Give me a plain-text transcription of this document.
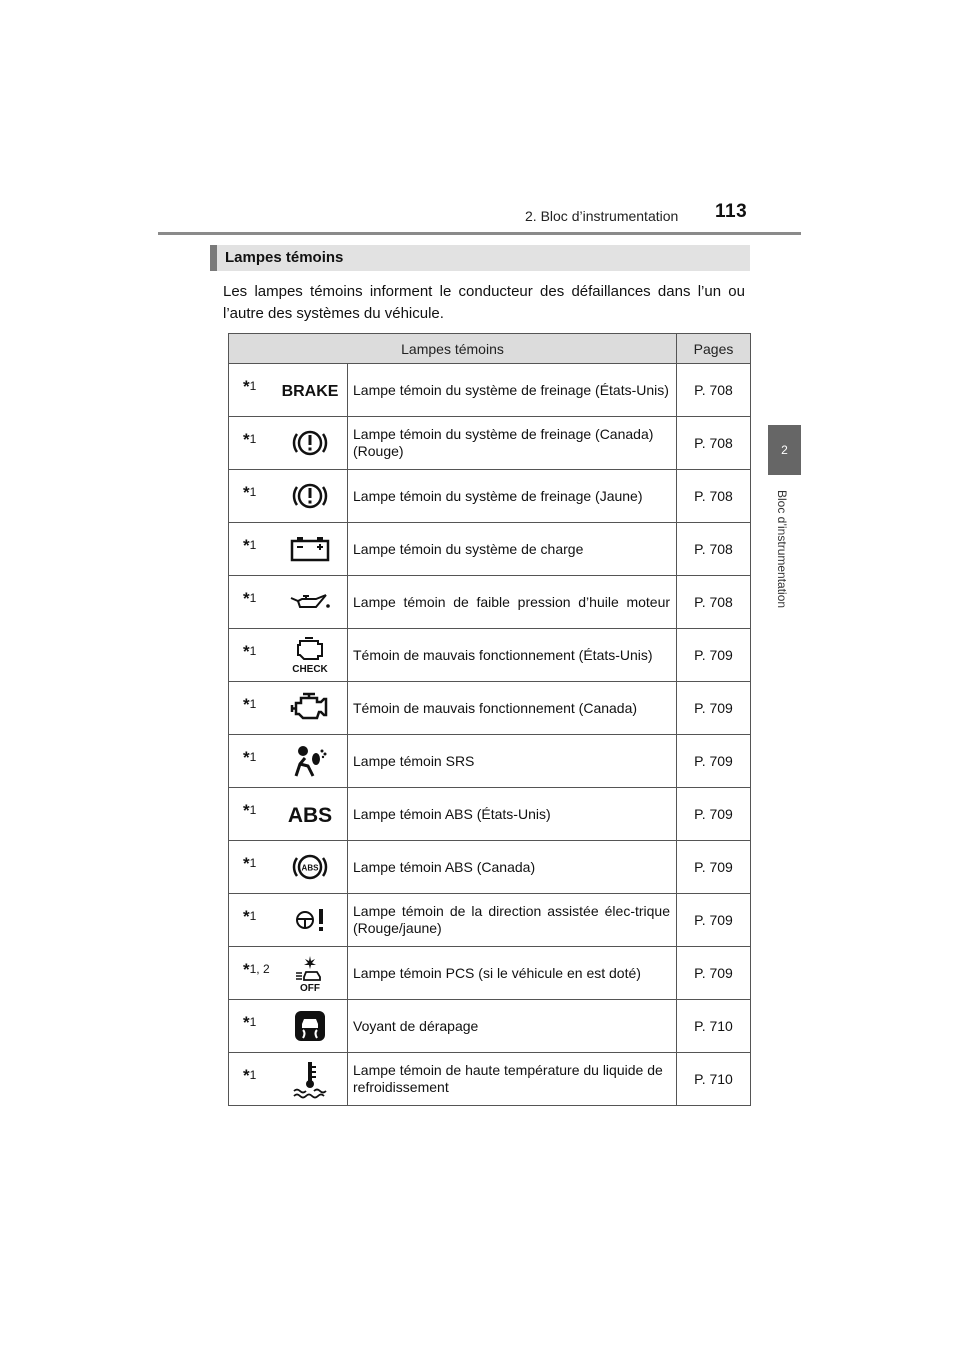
2. Bloc d’instrumentation 113
2
Bloc d’instrumentation
Lampes témoins
Les lampes témoins informent le conducteur des défaillances dans l’un ou l’autre des systèmes du véhicule.
Lampes témoins			Pages

*1	BRAKE	Lampe témoin du système de freinage (États-Unis)	P. 708

*1		Lampe témoin du système de freinage (Canada) (Rouge)	P. 708

*1		Lampe témoin du système de freinage (Jaune)	P. 708

*1		Lampe témoin du système de charge	P. 708

*1		Lampe témoin de faible pression d’huile moteur	P. 708

*1	CHECK	Témoin de mauvais fonctionnement (États-Unis)	P. 709

*1		Témoin de mauvais fonctionnement (Canada)	P. 709

*1		Lampe témoin SRS	P. 709

*1	ABS	Lampe témoin ABS (États-Unis)	P. 709

*1	ABS	Lampe témoin ABS (Canada)	P. 709

*1		Lampe témoin de la direction assistée élec-trique (Rouge/jaune)	P. 709

*1, 2	OFF	Lampe témoin PCS (si le véhicule en est doté)	P. 709

*1		Voyant de dérapage	P. 710

*1		Lampe témoin de haute température du liquide de refroidissement	P. 710
